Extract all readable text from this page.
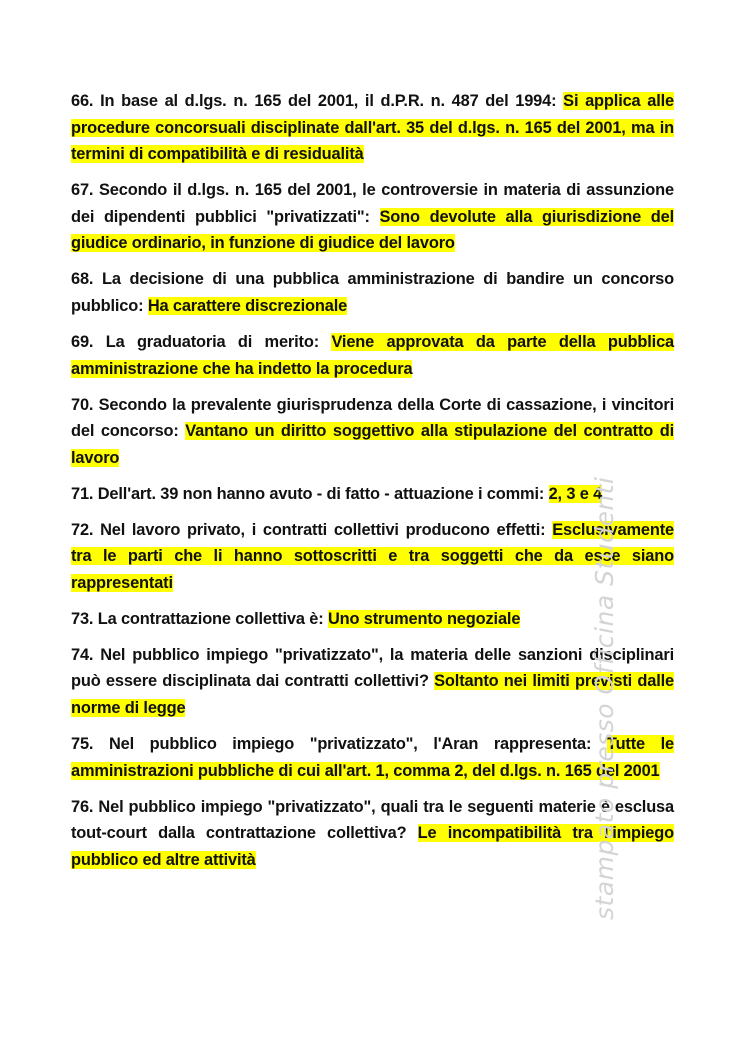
66. In base al d.lgs. n. 165 del 2001, il d.P.R. n. 487 del 1994: Si applica alle procedure concorsuali disciplinate dall'art. 35 del d.lgs. n. 165 del 2001, ma in termini di compatibilità e di residualità

67. Secondo il d.lgs. n. 165 del 2001, le controversie in materia di assunzione dei dipendenti pubblici "privatizzati": Sono devolute alla giurisdizione del giudice ordinario, in funzione di giudice del lavoro

68. La decisione di una pubblica amministrazione di bandire un concorso pubblico: Ha carattere discrezionale

69. La graduatoria di merito: Viene approvata da parte della pubblica amministrazione che ha indetto la procedura

70. Secondo la prevalente giurisprudenza della Corte di cassazione, i vincitori del concorso: Vantano un diritto soggettivo alla stipulazione del contratto di lavoro

71. Dell'art. 39 non hanno avuto - di fatto - attuazione i commi: 2, 3 e 4

72. Nel lavoro privato, i contratti collettivi producono effetti: Esclusivamente tra le parti che li hanno sottoscritti e tra soggetti che da esse siano rappresentati

73. La contrattazione collettiva è: Uno strumento negoziale

74. Nel pubblico impiego "privatizzato", la materia delle sanzioni disciplinari può essere disciplinata dai contratti collettivi? Soltanto nei limiti previsti dalle norme di legge

75. Nel pubblico impiego "privatizzato", l'Aran rappresenta: Tutte le amministrazioni pubbliche di cui all'art. 1, comma 2, del d.lgs. n. 165 del 2001

76. Nel pubblico impiego "privatizzato", quali tra le seguenti materie è esclusa tout-court dalla contrattazione collettiva? Le incompatibilità tra l'impiego pubblico ed altre attività	stampato presso Officina Studenti
